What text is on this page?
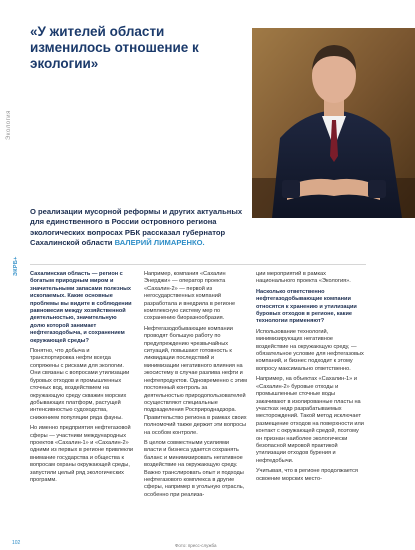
«У жителей области изменилось отношение к экологии»
Экология

О реализации мусорной реформы и других актуальных для единственного в России островного региона экологических вопросах РБК рассказал губернатор Сахалинской области ВАЛЕРИЙ ЛИМАРЕНКО.

ЭКРБ+ Сахалинская область — регион с богатым природным миром и значительными запасами полезных ископаемых. Какие основные проблемы вы видите в соблюдении равновесия между хозяйственной деятельностью, значительную долю которой занимает нефтегазодобыча, и сохранением окружающей среды?

Понятно, что добыча и транспортировка нефти всегда сопряжены с рисками для экологии. Они связаны с вопросами утилизации буровых отходов и промышленных сточных вод, воздействием на окружающую среду скважин морских добывающих платформ, растущей интенсивностью судоходства, снижением популяции ряда фауны.

Но именно предприятия нефтегазовой сферы — участники международных проектов «Сахалин-1» и «Сахалин-2» одними из первых в регионе привлекли внимание государства и общества к вопросам охраны окружающей среды, запустили целый ряд экологических программ.

Например, компания «Сахалин Энерджи» — оператор проекта «Сахалин-2» — первой из негосударственных компаний разработала и внедрила в регионе комплексную систему мер по сохранению биоразнообразия.

Нефтегазодобывающие компании проводят большую работу по предупреждению чрезвычайных ситуаций, повышают готовность к ликвидации последствий и минимизации негативного влияния на экосистему в случае разлива нефти и нефтепродуктов. Одновременно с этим постоянный контроль за деятельностью природопользователей осуществляют специальные подразделения Росприроднадзора. Правительство региона в рамках своих полномочий также держит эти вопросы на особом контроле.

В целом совместными усилиями власти и бизнеса удается сохранять баланс и минимизировать негативное воздействие на окружающую среду. Важно транслировать опыт и подходы нефтегазового комплекса в другие сферы, например в угольную отрасль, особенно при реализа-

ции мероприятий в рамках национального проекта «Экология».

Насколько ответственно нефтегазодобывающие компании относятся к хранению и утилизации буровых отходов в регионе, какие технологии применяют?

Использование технологий, минимизирующих негативное воздействие на окружающую среду, — обязательное условие для нефтегазовых компаний, и бизнес подходит к этому вопросу максимально ответственно.

Например, на объектах «Сахалин-1» и «Сахалин-2» буровые отходы и промышленные сточные воды закачивают в изолированные пласты на участках недр разрабатываемых месторождений. Такой метод исключает размещение отходов на поверхности или контакт с окружающей средой, поэтому он признан наиболее экологически безопасной мировой практикой утилизации отходов бурения и нефтедобычи.

Учитывая, что в регионе продолжается освоение морских место-

102	Фото: пресс-служба
